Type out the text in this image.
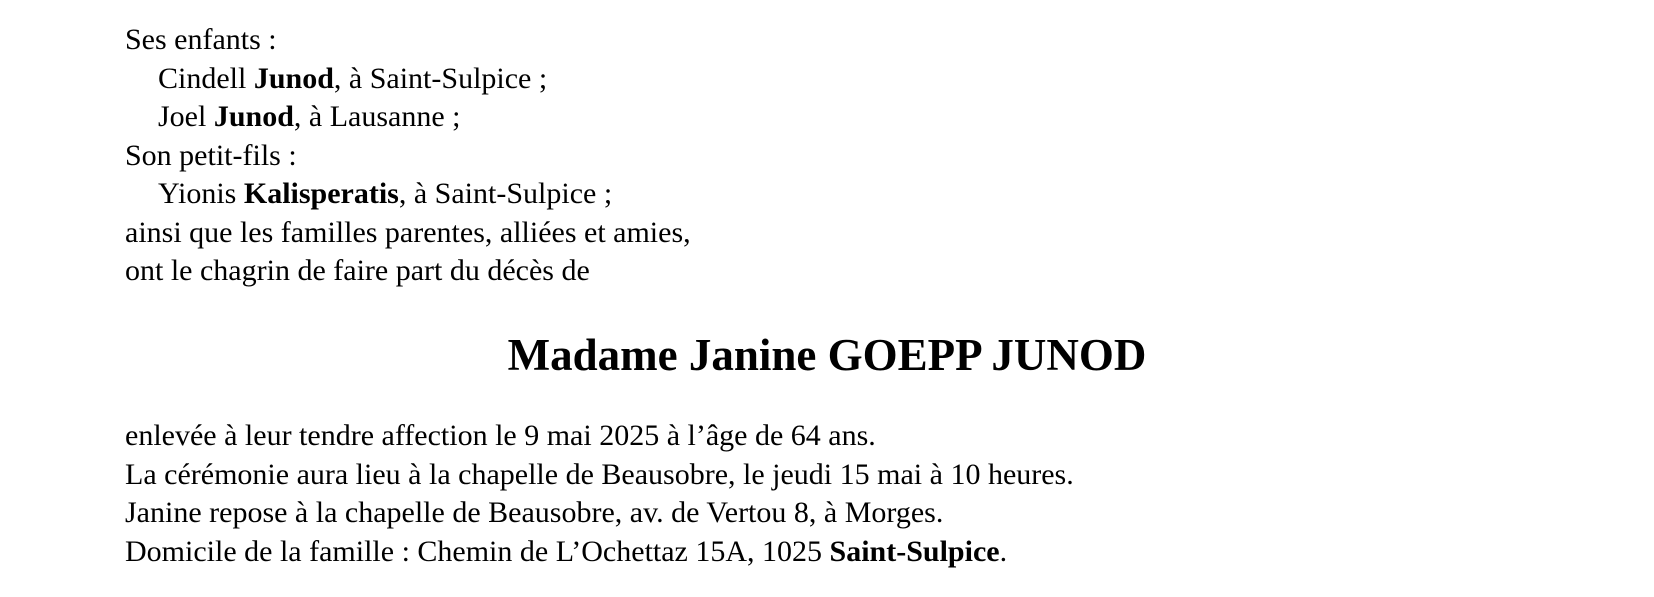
Ses enfants :
Cindell Junod, à Saint-Sulpice ;
Joel Junod, à Lausanne ;
Son petit-fils :
Yionis Kalisperatis, à Saint-Sulpice ;
ainsi que les familles parentes, alliées et amies,
ont le chagrin de faire part du décès de
Madame Janine GOEPP JUNOD
enlevée à leur tendre affection le 9 mai 2025 à l’âge de 64 ans.
La cérémonie aura lieu à la chapelle de Beausobre, le jeudi 15 mai à 10 heures.
Janine repose à la chapelle de Beausobre, av. de Vertou 8, à Morges.
Domicile de la famille : Chemin de L’Ochettaz 15A, 1025 Saint-Sulpice.
